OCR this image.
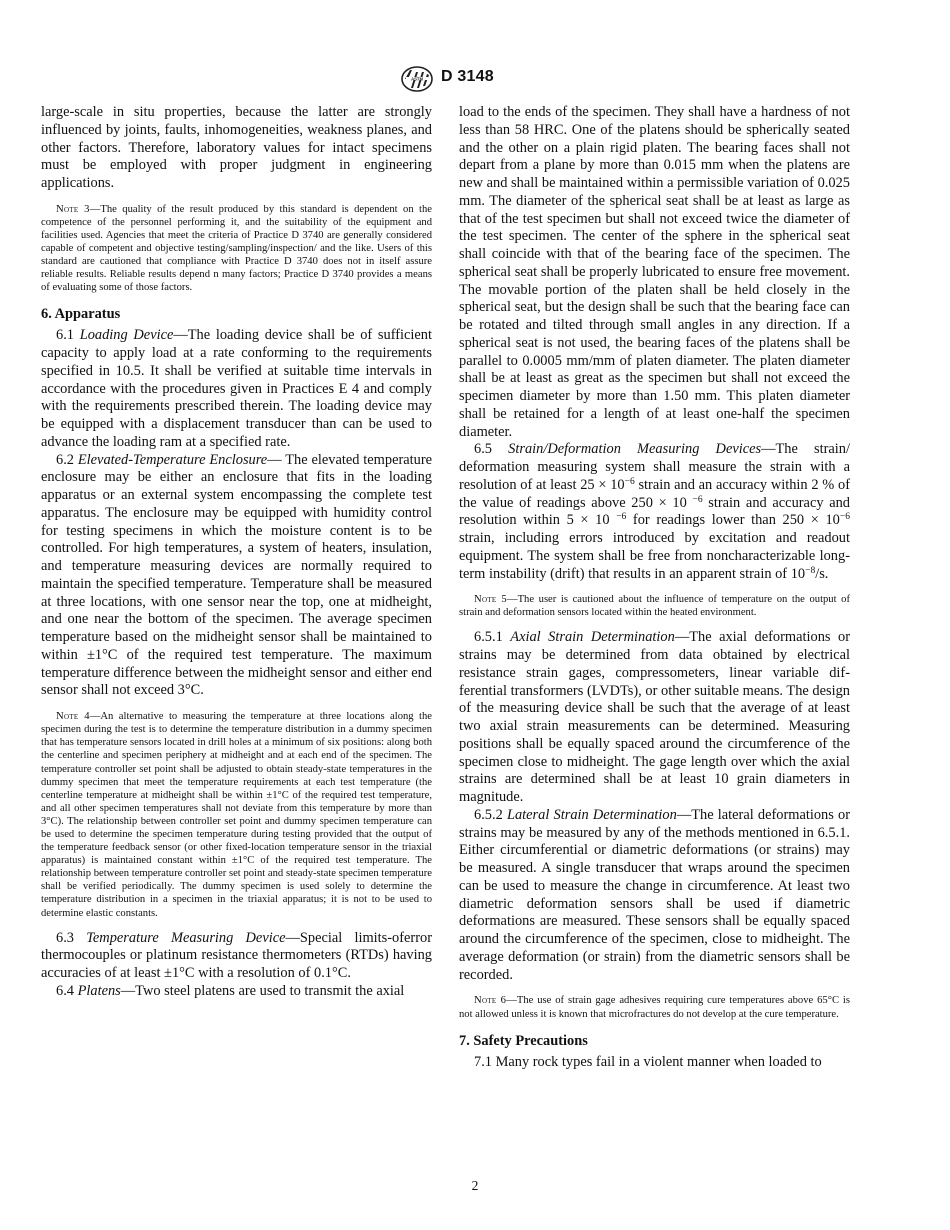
ASTM D 3148

large-scale in situ properties, because the latter are strongly influenced by joints, faults, inhomogeneities, weakness planes, and other factors. Therefore, laboratory values for intact specimens must be employed with proper judgment in engineering applications.

Note 3—The quality of the result produced by this standard is dependent on the competence of the personnel performing it, and the suitability of the equipment and facilities used. Agencies that meet the criteria of Practice D 3740 are generally considered capable of competent and objective testing/sampling/inspection/ and the like. Users of this standard are cautioned that compliance with Practice D 3740 does not in itself assure reliable results. Reliable results depend n many factors; Practice D 3740 provides a means of evaluating some of those factors.
6. Apparatus

6.1 Loading Device—The loading device shall be of sufficient capacity to apply load at a rate conforming to the requirements specified in 10.5. It shall be verified at suitable time intervals in accordance with the procedures given in Practices E 4 and comply with the requirements prescribed therein. The loading device may be equipped with a displacement transducer than can be used to advance the loading ram at a specified rate.

6.2 Elevated-Temperature Enclosure— The elevated temperature enclosure may be either an enclosure that fits in the loading apparatus or an external system encompassing the complete test apparatus. The enclosure may be equipped with humidity control for testing specimens in which the moisture content is to be controlled. For high temperatures, a system of heaters, insulation, and temperature measuring devices are normally required to maintain the specified temperature. Temperature shall be measured at three locations, with one sensor near the top, one at midheight, and one near the bottom of the specimen. The average specimen temperature based on the midheight sensor shall be maintained to within ±1°C of the required test temperature. The maximum temperature difference between the midheight sensor and either end sensor shall not exceed 3°C.

Note 4—An alternative to measuring the temperature at three locations along the specimen during the test is to determine the temperature distribution in a dummy specimen that has temperature sensors located in drill holes at a minimum of six positions: along both the centerline and specimen periphery at midheight and at each end of the specimen. The temperature controller set point shall be adjusted to obtain steady-state temperatures in the dummy specimen that meet the temperature requirements at each test temperature (the centerline temperature at midheight shall be within ±1°C of the required test temperature, and all other specimen temperatures shall not deviate from this temperature by more than 3°C). The relationship between controller set point and dummy specimen temperature can be used to determine the specimen temperature during testing provided that the output of the temperature feedback sensor (or other fixed-location temperature sensor in the triaxial apparatus) is maintained constant within ±1°C of the required test temperature. The relationship between temperature controller set point and steady-state specimen temperature shall be verified periodically. The dummy specimen is used solely to determine the temperature distribution in a specimen in the triaxial apparatus; it is not to be used to determine elastic constants.

6.3 Temperature Measuring Device—Special limits-oferror thermocouples or platinum resistance thermometers (RTDs) having accuracies of at least ±1°C with a resolution of 0.1°C.

6.4 Platens—Two steel platens are used to transmit the axial

load to the ends of the specimen. They shall have a hardness of not less than 58 HRC. One of the platens should be spherically seated and the other on a plain rigid platen. The bearing faces shall not depart from a plane by more than 0.015 mm when the platens are new and shall be maintained within a permissible variation of 0.025 mm. The diameter of the spherical seat shall be at least as large as that of the test specimen but shall not exceed twice the diameter of the test specimen. The center of the sphere in the spherical seat shall coincide with that of the bearing face of the specimen. The spherical seat shall be properly lubricated to ensure free movement. The movable portion of the platen shall be held closely in the spherical seat, but the design shall be such that the bearing face can be rotated and tilted through small angles in any direction. If a spherical seat is not used, the bearing faces of the platens shall be parallel to 0.0005 mm/mm of platen diameter. The platen diameter shall be at least as great as the specimen but shall not exceed the specimen diameter by more than 1.50 mm. This platen diameter shall be retained for a length of at least one-half the specimen diameter.

6.5 Strain/Deformation Measuring Devices—The strain/ deformation measuring system shall measure the strain with a resolution of at least $25 \times 10^{-6}$ strain and an accuracy within 2 % of the value of readings above 250 × 10 $^{-6}$ strain and accuracy and resolution within 5 × 10 $^{-6}$ for readings lower than $250 \times 10^{-6}$ strain, including errors introduced by excitation and readout equipment. The system shall be free from noncharacterizable long-term instability (drift) that results in an apparent strain of $10^{-8}/s$.

Note 5—The user is cautioned about the influence of temperature on the output of strain and deformation sensors located within the heated environment.

6.5.1 Axial Strain Determination—The axial deformations or strains may be determined from data obtained by electrical resistance strain gages, compressometers, linear variable differential transformers (LVDTs), or other suitable means. The design of the measuring device shall be such that the average of at least two axial strain measurements can be determined. Measuring positions shall be equally spaced around the circumference of the specimen close to midheight. The gage length over which the axial strains are determined shall be at least 10 grain diameters in magnitude.

6.5.2 Lateral Strain Determination—The lateral deformations or strains may be measured by any of the methods mentioned in 6.5.1. Either circumferential or diametric deformations (or strains) may be measured. A single transducer that wraps around the specimen can be used to measure the change in circumference. At least two diametric deformation sensors shall be used if diametric deformations are measured. These sensors shall be equally spaced around the circumference of the specimen, close to midheight. The average deformation (or strain) from the diametric sensors shall be recorded.

Note 6—The use of strain gage adhesives requiring cure temperatures above 65°C is not allowed unless it is known that microfractures do not develop at the cure temperature.
7. Safety Precautions

7.1 Many rock types fail in a violent manner when loaded to

2
